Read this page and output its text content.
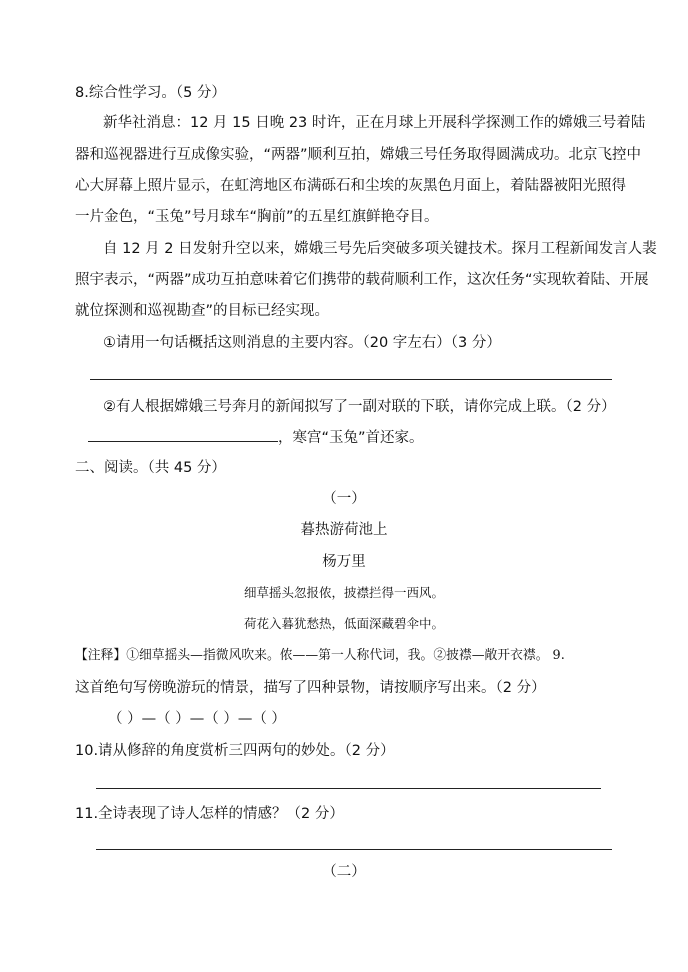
8.综合性学习。（5 分）
新华社消息：12 月 15 日晚 23 时许，正在月球上开展科学探测工作的嫦娥三号着陆
器和巡视器进行互成像实验，“两器”顺利互拍，嫦娥三号任务取得圆满成功。北京飞控中
心大屏幕上照片显示，在虹湾地区布满砾石和尘埃的灰黑色月面上，着陆器被阳光照得
一片金色，“玉兔”号月球车“胸前”的五星红旗鲜艳夺目。
自 12 月 2 日发射升空以来，嫦娥三号先后突破多项关键技术。探月工程新闻发言人裴
照宇表示，“两器”成功互拍意味着它们携带的载荷顺利工作，这次任务“实现软着陆、开展
就位探测和巡视勘查”的目标已经实现。
①请用一句话概括这则消息的主要内容。（20 字左右）（3 分）
②有人根据嫦娥三号奔月的新闻拟写了一副对联的下联，请你完成上联。（2 分）
，寒宫“玉兔”首还家。
二、阅读。（共 45 分）
（一）
暮热游荷池上
杨万里
细草摇头忽报侬，披襟拦得一西风。
荷花入暮犹愁热，低面深藏碧伞中。
【注释】①细草摇头—指微风吹来。侬——第一人称代词，我。②披襟—敞开衣襟。 9.
这首绝句写傍晚游玩的情景，描写了四种景物，请按顺序写出来。（2 分）
（ ）—（ ）—（ ）—（ ）
10.请从修辞的角度赏析三四两句的妙处。（2 分）
11.全诗表现了诗人怎样的情感？（2 分）
（二）
